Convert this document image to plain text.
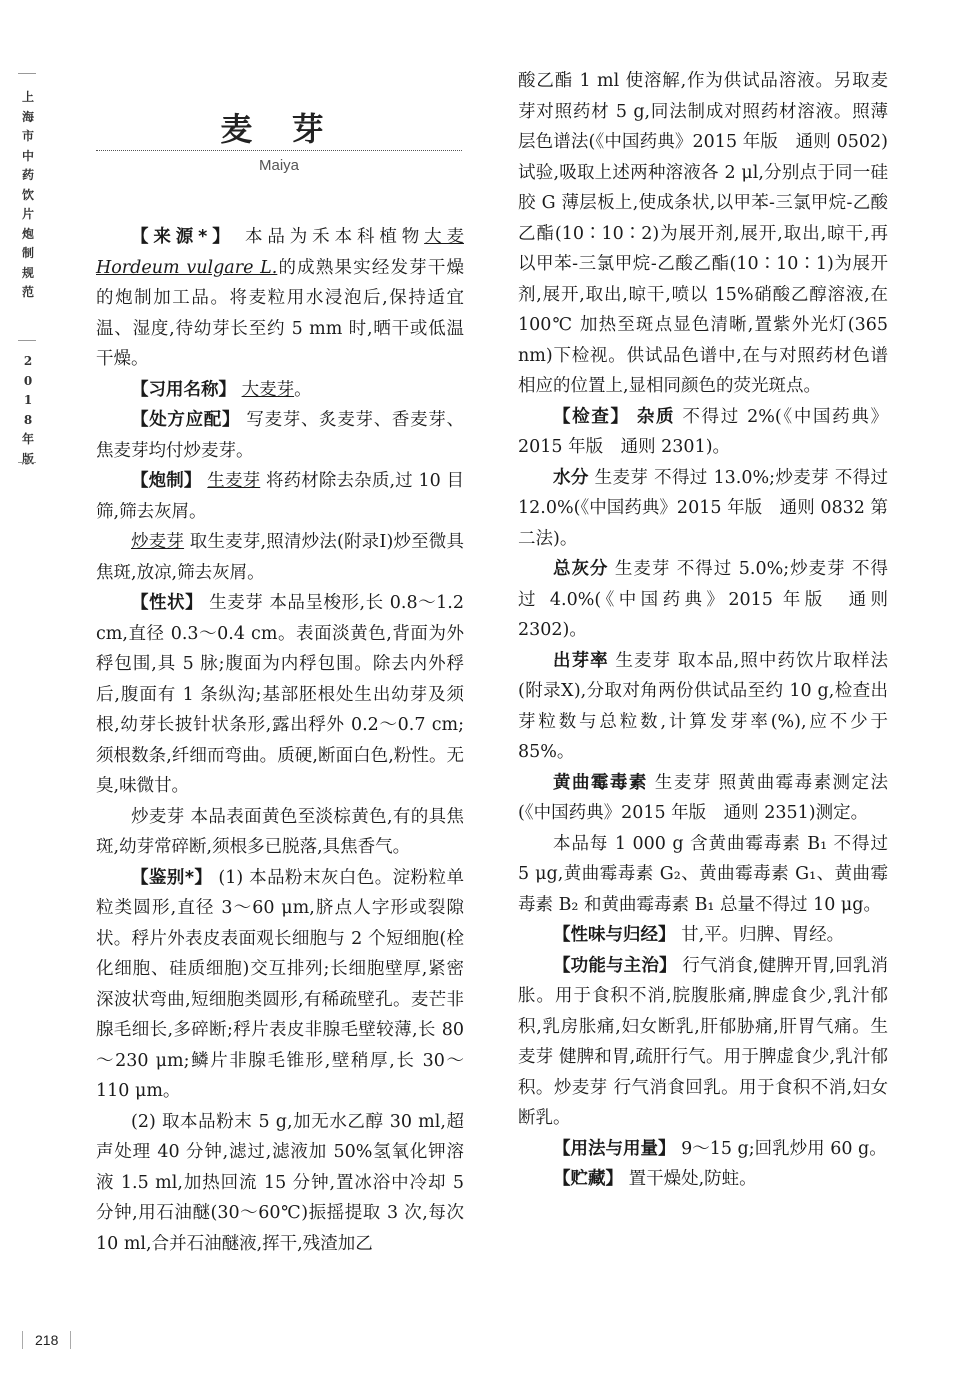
上
海
市
中
药
饮
片
炮
制
规
范
2
0
1
8
年
版
麦 芽
Maiya

【来源*】 本品为禾本科植物大麦 Hordeum vulgare L.的成熟果实经发芽干燥的炮制加工品。将麦粒用水浸泡后,保持适宜温、湿度,待幼芽长至约 5 mm 时,晒干或低温干燥。

【习用名称】 大麦芽。

【处方应配】 写麦芽、炙麦芽、香麦芽、焦麦芽均付炒麦芽。

【炮制】 生麦芽 将药材除去杂质,过 10 目筛,筛去灰屑。

炒麦芽 取生麦芽,照清炒法(附录Ⅰ)炒至微具焦斑,放凉,筛去灰屑。

【性状】 生麦芽 本品呈梭形,长 0.8～1.2 cm,直径 0.3～0.4 cm。表面淡黄色,背面为外稃包围,具 5 脉;腹面为内稃包围。除去内外稃后,腹面有 1 条纵沟;基部胚根处生出幼芽及须根,幼芽长披针状条形,露出稃外 0.2～0.7 cm;须根数条,纤细而弯曲。质硬,断面白色,粉性。无臭,味微甘。

炒麦芽 本品表面黄色至淡棕黄色,有的具焦斑,幼芽常碎断,须根多已脱落,具焦香气。

【鉴别*】 (1) 本品粉末灰白色。淀粉粒单粒类圆形,直径 3～60 μm,脐点人字形或裂隙状。稃片外表皮表面观长细胞与 2 个短细胞(栓化细胞、硅质细胞)交互排列;长细胞壁厚,紧密深波状弯曲,短细胞类圆形,有稀疏壁孔。麦芒非腺毛细长,多碎断;稃片表皮非腺毛壁较薄,长 80～230 μm;鳞片非腺毛锥形,壁稍厚,长 30～110 μm。

(2) 取本品粉末 5 g,加无水乙醇 30 ml,超声处理 40 分钟,滤过,滤液加 50%氢氧化钾溶液 1.5 ml,加热回流 15 分钟,置冰浴中冷却 5 分钟,用石油醚(30～60℃)振摇提取 3 次,每次 10 ml,合并石油醚液,挥干,残渣加乙

酸乙酯 1 ml 使溶解,作为供试品溶液。另取麦芽对照药材 5 g,同法制成对照药材溶液。照薄层色谱法(《中国药典》2015 年版　通则 0502)试验,吸取上述两种溶液各 2 μl,分别点于同一硅胶 G 薄层板上,使成条状,以甲苯-三氯甲烷-乙酸乙酯(10∶10∶2)为展开剂,展开,取出,晾干,再以甲苯-三氯甲烷-乙酸乙酯(10∶10∶1)为展开剂,展开,取出,晾干,喷以 15%硝酸乙醇溶液,在 100℃ 加热至斑点显色清晰,置紫外光灯(365 nm)下检视。供试品色谱中,在与对照药材色谱相应的位置上,显相同颜色的荧光斑点。

【检查】 杂质 不得过 2%(《中国药典》2015 年版　通则 2301)。

水分 生麦芽 不得过 13.0%;炒麦芽 不得过 12.0%(《中国药典》2015 年版　通则 0832 第二法)。

总灰分 生麦芽 不得过 5.0%;炒麦芽 不得过 4.0%(《中国药典》2015 年版　通则 2302)。

出芽率 生麦芽 取本品,照中药饮片取样法(附录Ⅹ),分取对角两份供试品至约 10 g,检查出芽粒数与总粒数,计算发芽率(%),应不少于 85%。

黄曲霉毒素 生麦芽 照黄曲霉毒素测定法(《中国药典》2015 年版　通则 2351)测定。

本品每 1 000 g 含黄曲霉毒素 B₁ 不得过 5 μg,黄曲霉毒素 G₂、黄曲霉毒素 G₁、黄曲霉毒素 B₂ 和黄曲霉毒素 B₁ 总量不得过 10 μg。

【性味与归经】 甘,平。归脾、胃经。

【功能与主治】 行气消食,健脾开胃,回乳消胀。用于食积不消,脘腹胀痛,脾虚食少,乳汁郁积,乳房胀痛,妇女断乳,肝郁胁痛,肝胃气痛。生麦芽 健脾和胃,疏肝行气。用于脾虚食少,乳汁郁积。炒麦芽 行气消食回乳。用于食积不消,妇女断乳。

【用法与用量】 9～15 g;回乳炒用 60 g。

【贮藏】 置干燥处,防蛀。

218
